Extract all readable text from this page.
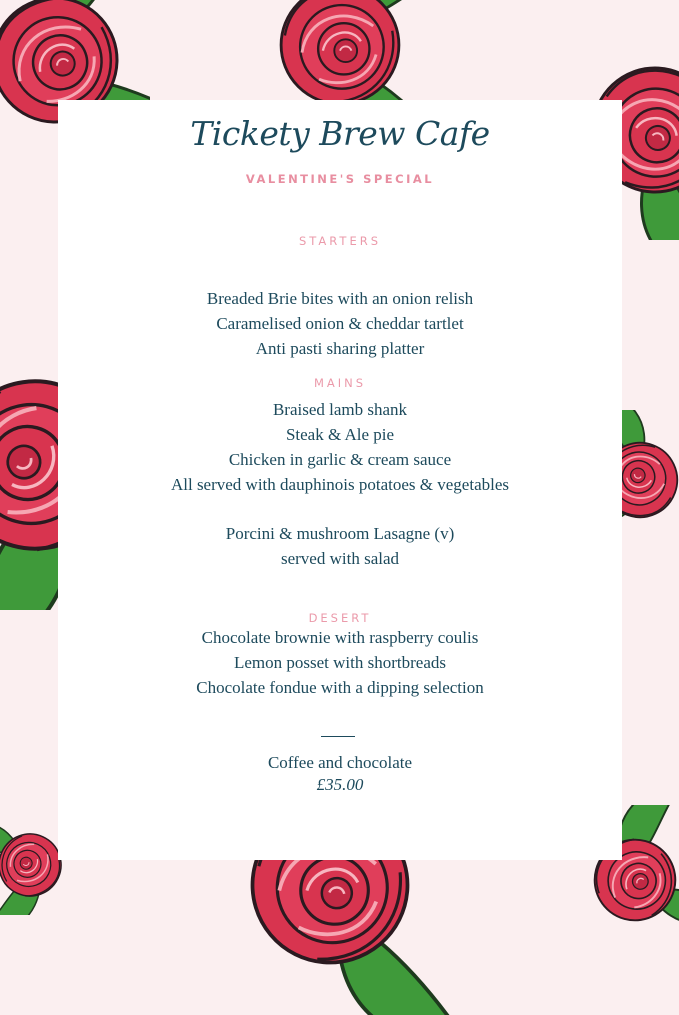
Tickety Brew Cafe

VALENTINE'S SPECIAL

STARTERS

Breaded Brie bites with an onion relish
Caramelised onion & cheddar tartlet
Anti pasti sharing platter

MAINS

Braised lamb shank
Steak & Ale pie
Chicken in garlic & cream sauce
All served with dauphinois potatoes & vegetables
Porcini & mushroom Lasagne (v)
served with salad

DESERT

Chocolate brownie with raspberry coulis
Lemon posset with shortbreads
Chocolate fondue with a dipping selection
Coffee and chocolate
£35.00
